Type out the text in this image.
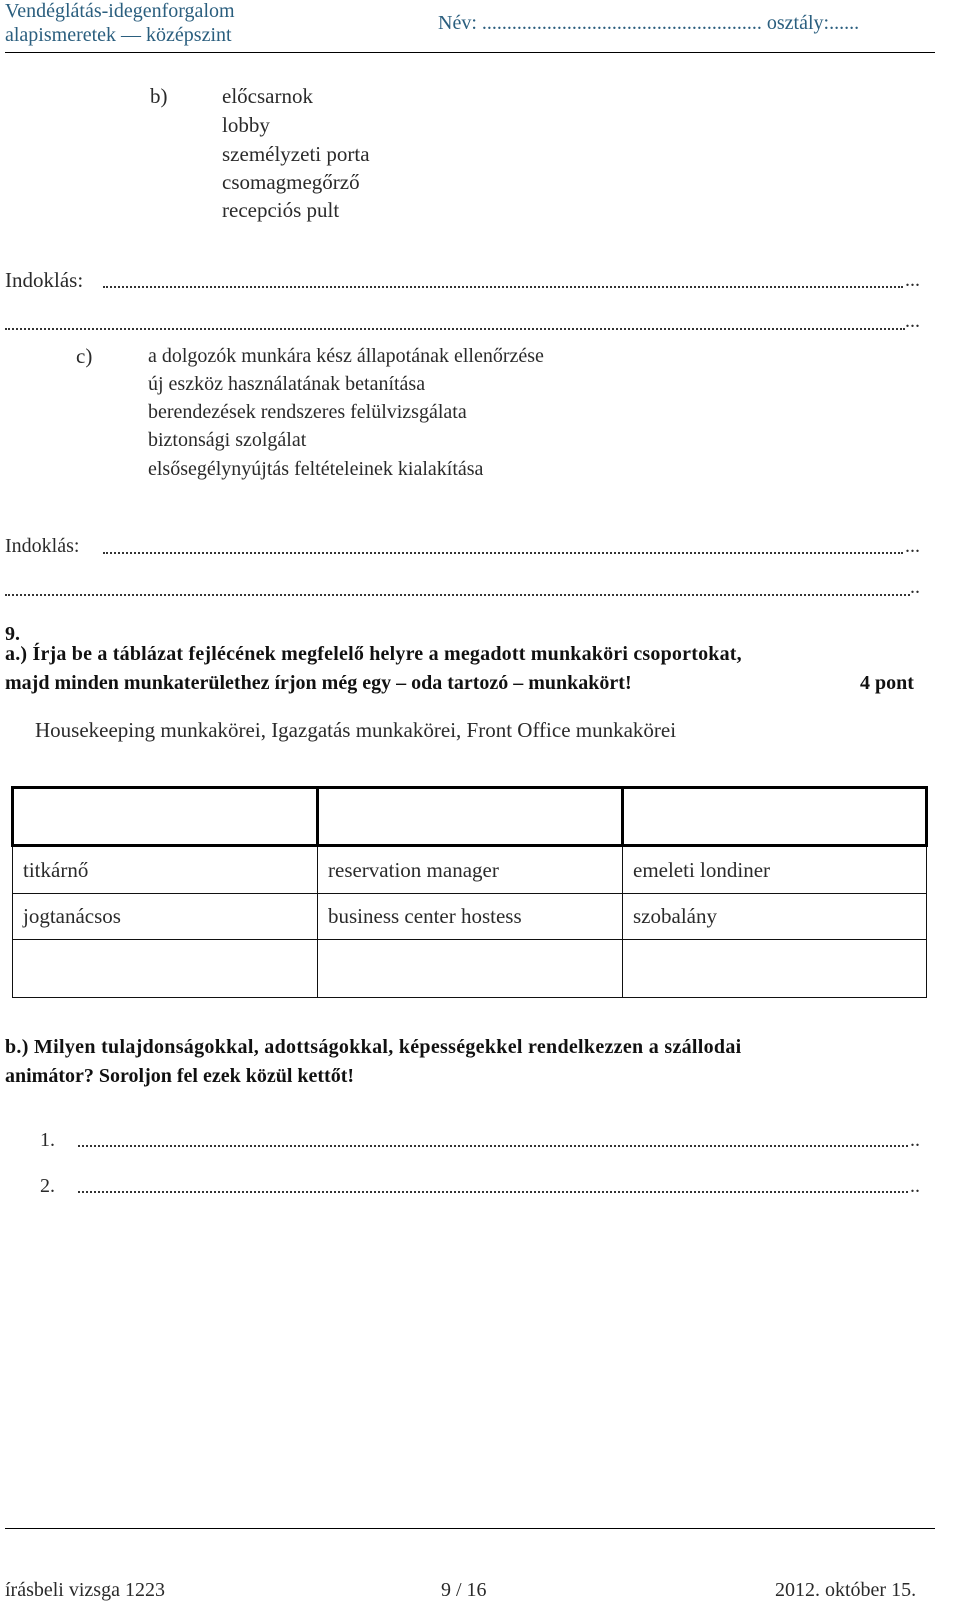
Vendéglátás-idegenforgalom
alapismeretek — középszint
Név: ........................................................ osztály:......
b)	előcsarnok
lobby
személyzeti porta
csomagmegőrző
recepciós pult
Indoklás:	...
...
c)	a dolgozók munkára kész állapotának ellenőrzése
új eszköz használatának betanítása
berendezések rendszeres felülvizsgálata
biztonsági szolgálat
elsősegélynyújtás feltételeinek kialakítása
Indoklás:	...
..
9.
a.) Írja be a táblázat fejlécének megfelelő helyre a megadott munkaköri csoportokat,
majd minden munkaterülethez írjon még egy – oda tartozó – munkakört!	4 pont
Housekeeping munkakörei, Igazgatás munkakörei, Front Office munkakörei

titkárnő	reservation manager	emeleti londiner
jogtanácsos	business center hostess	szobalány

b.) Milyen tulajdonságokkal, adottságokkal, képességekkel rendelkezzen a szállodai
animátor? Soroljon fel ezek közül kettőt!
1.	..
2.	..
írásbeli vizsga 1223	9 / 16	2012. október 15.
